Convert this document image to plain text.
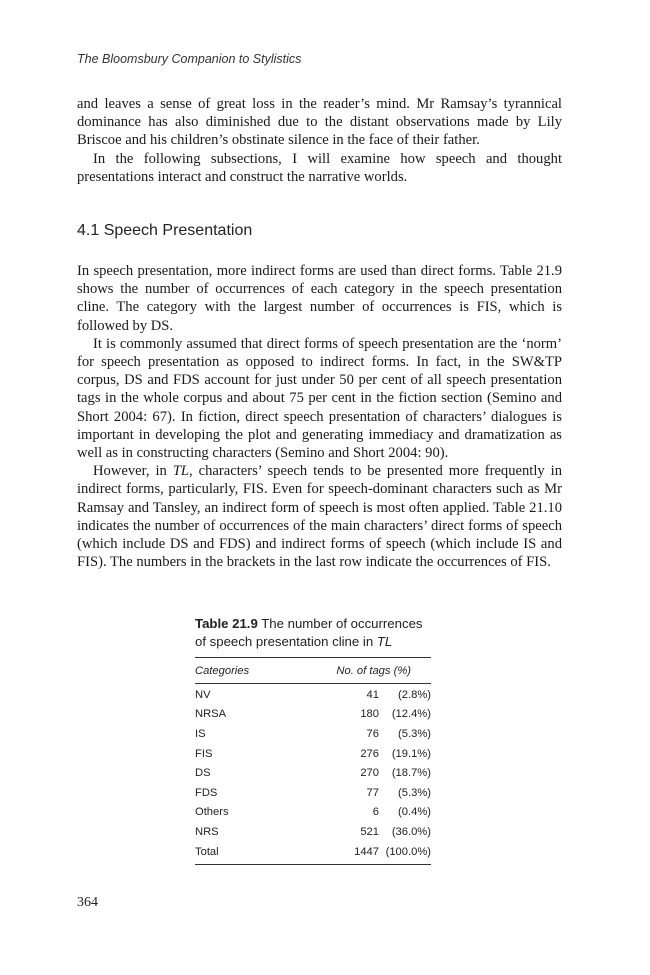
The Bloomsbury Companion to Stylistics

and leaves a sense of great loss in the reader’s mind. Mr Ramsay’s tyrannical dominance has also diminished due to the distant observations made by Lily Briscoe and his children’s obstinate silence in the face of their father.

In the following subsections, I will examine how speech and thought presentations interact and construct the narrative worlds.

4.1 Speech Presentation

In speech presentation, more indirect forms are used than direct forms. Table 21.9 shows the number of occurrences of each category in the speech presentation cline. The category with the largest number of occurrences is FIS, which is followed by DS.

It is commonly assumed that direct forms of speech presentation are the ‘norm’ for speech presentation as opposed to indirect forms. In fact, in the SW&TP corpus, DS and FDS account for just under 50 per cent of all speech presentation tags in the whole corpus and about 75 per cent in the fiction section (Semino and Short 2004: 67). In fiction, direct speech presentation of characters’ dialogues is important in developing the plot and generating immediacy and dramatization as well as in constructing characters (Semino and Short 2004: 90).

However, in TL, characters’ speech tends to be presented more frequently in indirect forms, particularly, FIS. Even for speech-dominant characters such as Mr Ramsay and Tansley, an indirect form of speech is most often applied. Table 21.10 indicates the number of occurrences of the main characters’ direct forms of speech (which include DS and FDS) and indirect forms of speech (which include IS and FIS). The numbers in the brackets in the last row indicate the occurrences of FIS.

Table 21.9 The number of occurrences of speech presentation cline in TL
Categories	No. of tags (%)
NV	41	(2.8%)
NRSA	180	(12.4%)
IS	76	(5.3%)
FIS	276	(19.1%)
DS	270	(18.7%)
FDS	77	(5.3%)
Others	6	(0.4%)
NRS	521	(36.0%)
Total	1447 (100.0%)
364
